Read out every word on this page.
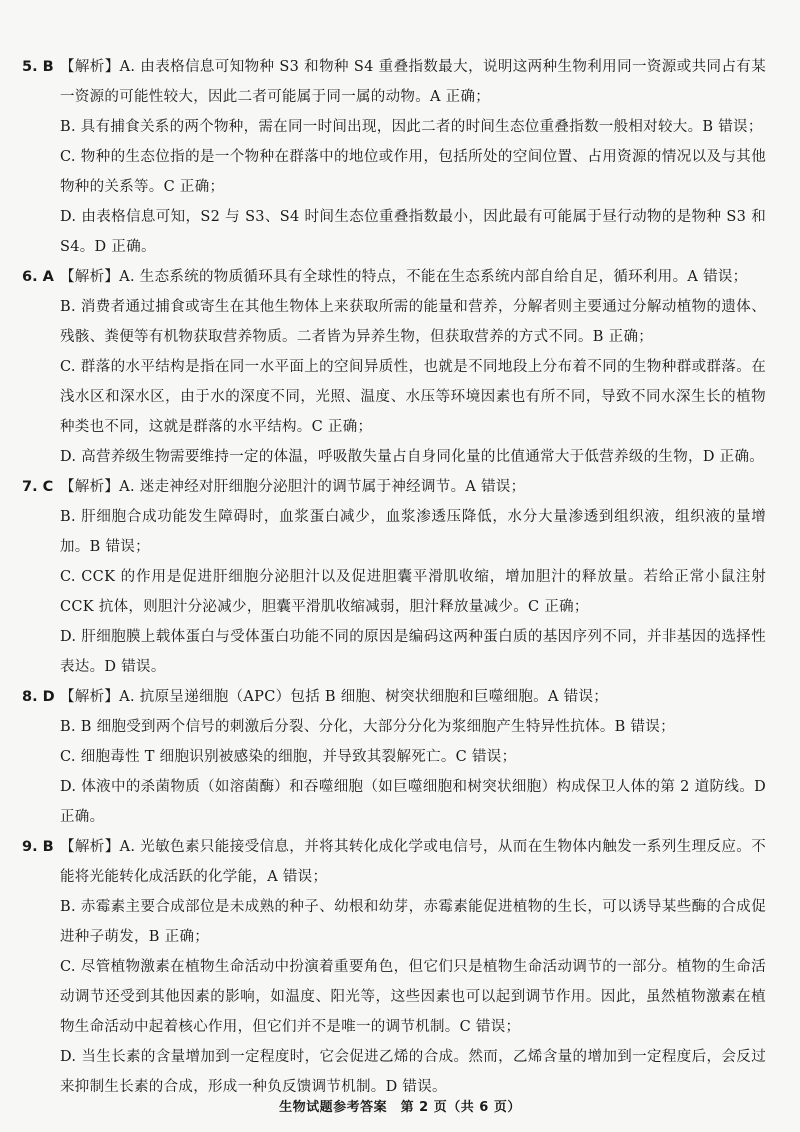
5. B 【解析】A. 由表格信息可知物种 S3 和物种 S4 重叠指数最大，说明这两种生物利用同一资源或共同占有某一资源的可能性较大，因此二者可能属于同一属的动物。A 正确；
B. 具有捕食关系的两个物种，需在同一时间出现，因此二者的时间生态位重叠指数一般相对较大。B 错误；
C. 物种的生态位指的是一个物种在群落中的地位或作用，包括所处的空间位置、占用资源的情况以及与其他物种的关系等。C 正确；
D. 由表格信息可知，S2 与 S3、S4 时间生态位重叠指数最小，因此最有可能属于昼行动物的是物种 S3 和 S4。D 正确。
6. A 【解析】A. 生态系统的物质循环具有全球性的特点，不能在生态系统内部自给自足，循环利用。A 错误；
B. 消费者通过捕食或寄生在其他生物体上来获取所需的能量和营养，分解者则主要通过分解动植物的遗体、残骸、粪便等有机物获取营养物质。二者皆为异养生物，但获取营养的方式不同。B 正确；
C. 群落的水平结构是指在同一水平面上的空间异质性，也就是不同地段上分布着不同的生物种群或群落。在浅水区和深水区，由于水的深度不同，光照、温度、水压等环境因素也有所不同，导致不同水深生长的植物种类也不同，这就是群落的水平结构。C 正确；
D. 高营养级生物需要维持一定的体温，呼吸散失量占自身同化量的比值通常大于低营养级的生物，D 正确。
7. C 【解析】A. 迷走神经对肝细胞分泌胆汁的调节属于神经调节。A 错误；
B. 肝细胞合成功能发生障碍时，血浆蛋白减少，血浆渗透压降低，水分大量渗透到组织液，组织液的量增加。B 错误；
C. CCK 的作用是促进肝细胞分泌胆汁以及促进胆囊平滑肌收缩，增加胆汁的释放量。若给正常小鼠注射 CCK 抗体，则胆汁分泌减少，胆囊平滑肌收缩减弱，胆汁释放量减少。C 正确；
D. 肝细胞膜上载体蛋白与受体蛋白功能不同的原因是编码这两种蛋白质的基因序列不同，并非基因的选择性表达。D 错误。
8. D 【解析】A. 抗原呈递细胞（APC）包括 B 细胞、树突状细胞和巨噬细胞。A 错误；
B. B 细胞受到两个信号的刺激后分裂、分化，大部分分化为浆细胞产生特异性抗体。B 错误；
C. 细胞毒性 T 细胞识别被感染的细胞，并导致其裂解死亡。C 错误；
D. 体液中的杀菌物质（如溶菌酶）和吞噬细胞（如巨噬细胞和树突状细胞）构成保卫人体的第 2 道防线。D 正确。
9. B 【解析】A. 光敏色素只能接受信息，并将其转化成化学或电信号，从而在生物体内触发一系列生理反应。不能将光能转化成活跃的化学能，A 错误；
B. 赤霉素主要合成部位是未成熟的种子、幼根和幼芽，赤霉素能促进植物的生长，可以诱导某些酶的合成促进种子萌发，B 正确；
C. 尽管植物激素在植物生命活动中扮演着重要角色，但它们只是植物生命活动调节的一部分。植物的生命活动调节还受到其他因素的影响，如温度、阳光等，这些因素也可以起到调节作用。因此，虽然植物激素在植物生命活动中起着核心作用，但它们并不是唯一的调节机制。C 错误；
D. 当生长素的含量增加到一定程度时，它会促进乙烯的合成。然而，乙烯含量的增加到一定程度后，会反过来抑制生长素的合成，形成一种负反馈调节机制。D 错误。
生物试题参考答案　第 2 页（共 6 页）
